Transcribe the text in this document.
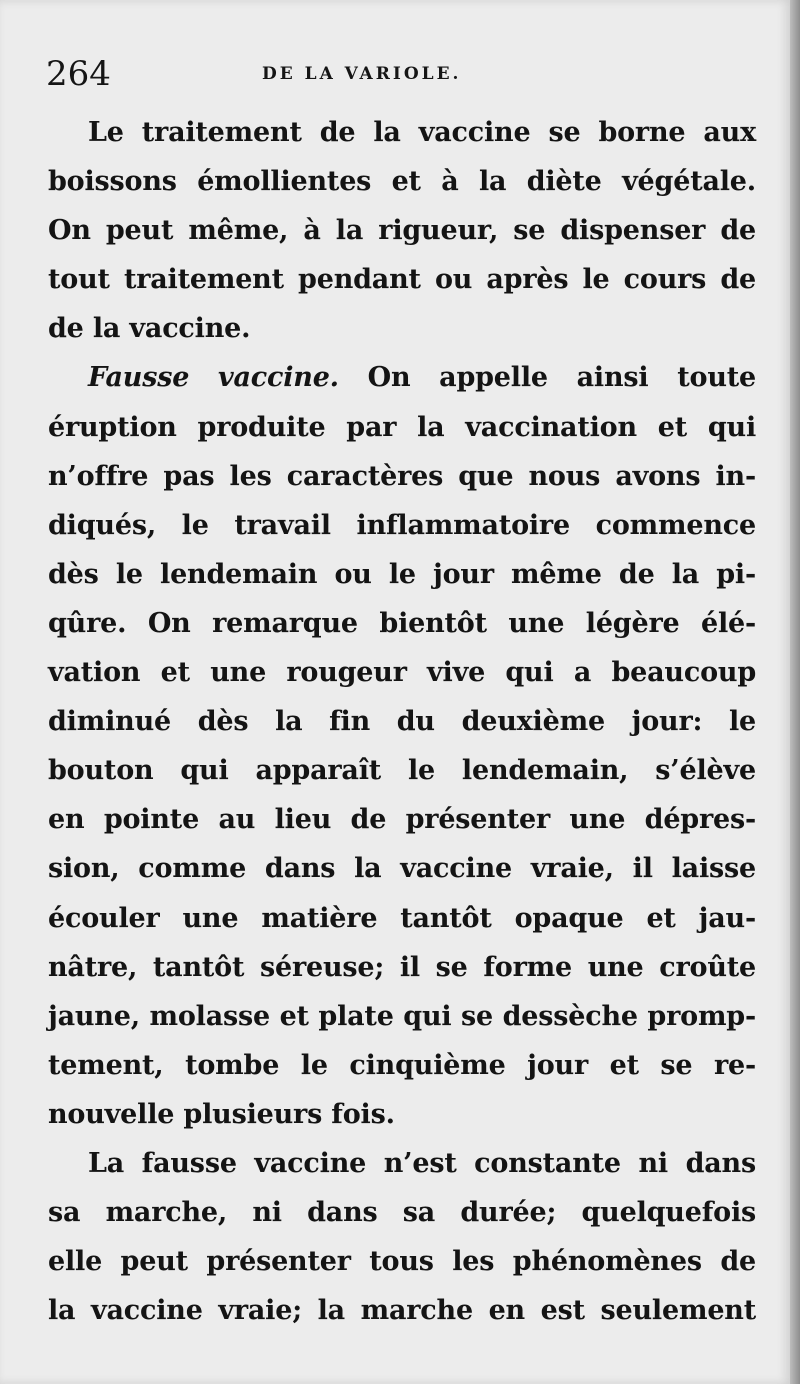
264	DE LA VARIOLE.
Le traitement de la vaccine se borne aux
boissons émollientes et à la diète végétale.
On peut même, à la rigueur, se dispenser de
tout traitement pendant ou après le cours de
de la vaccine.
Fausse vaccine. On appelle ainsi toute
éruption produite par la vaccination et qui
n’offre pas les caractères que nous avons in-
diqués, le travail inflammatoire commence
dès le lendemain ou le jour même de la pi-
qûre. On remarque bientôt une légère élé-
vation et une rougeur vive qui a beaucoup
diminué dès la fin du deuxième jour: le
bouton qui apparaît le lendemain, s’élève
en pointe au lieu de présenter une dépres-
sion, comme dans la vaccine vraie, il laisse
écouler une matière tantôt opaque et jau-
nâtre, tantôt séreuse; il se forme une croûte
jaune, molasse et plate qui se dessèche promp-
tement, tombe le cinquième jour et se re-
nouvelle plusieurs fois.
La fausse vaccine n’est constante ni dans
sa marche, ni dans sa durée; quelquefois
elle peut présenter tous les phénomènes de
la vaccine vraie; la marche en est seulement
